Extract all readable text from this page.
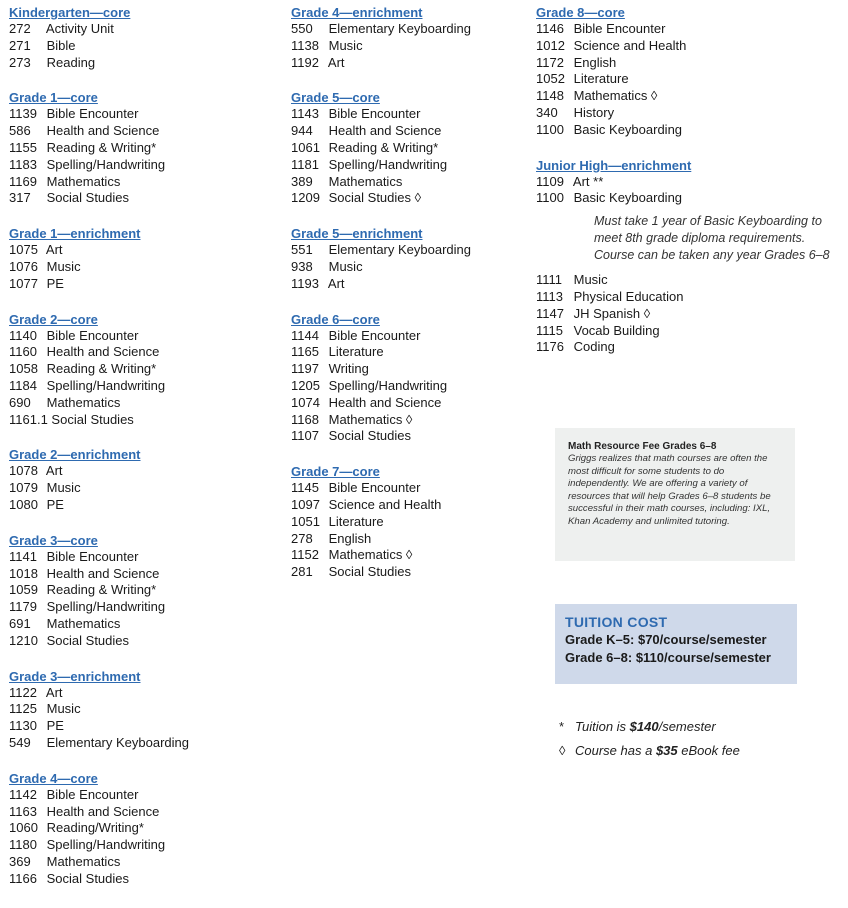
Kindergarten—core
272 Activity Unit
271 Bible
273 Reading
Grade 1—core
1139 Bible Encounter
586 Health and Science
1155 Reading & Writing*
1183 Spelling/Handwriting
1169 Mathematics
317 Social Studies
Grade 1—enrichment
1075 Art
1076 Music
1077 PE
Grade 2—core
1140 Bible Encounter
1160 Health and Science
1058 Reading & Writing*
1184 Spelling/Handwriting
690 Mathematics
1161.1 Social Studies
Grade 2—enrichment
1078 Art
1079 Music
1080 PE
Grade 3—core
1141 Bible Encounter
1018 Health and Science
1059 Reading & Writing*
1179 Spelling/Handwriting
691 Mathematics
1210 Social Studies
Grade 3—enrichment
1122 Art
1125 Music
1130 PE
549 Elementary Keyboarding
Grade 4—core
1142 Bible Encounter
1163 Health and Science
1060 Reading/Writing*
1180 Spelling/Handwriting
369 Mathematics
1166 Social Studies
Grade 4—enrichment
550 Elementary Keyboarding
1138 Music
1192 Art
Grade 5—core
1143 Bible Encounter
944 Health and Science
1061 Reading & Writing*
1181 Spelling/Handwriting
389 Mathematics
1209 Social Studies ◊
Grade 5—enrichment
551 Elementary Keyboarding
938 Music
1193 Art
Grade 6—core
1144 Bible Encounter
1165 Literature
1197 Writing
1205 Spelling/Handwriting
1074 Health and Science
1168 Mathematics ◊
1107 Social Studies
Grade 7—core
1145 Bible Encounter
1097 Science and Health
1051 Literature
278 English
1152 Mathematics ◊
281 Social Studies
Grade 8—core
1146 Bible Encounter
1012 Science and Health
1172 English
1052 Literature
1148 Mathematics ◊
340 History
1100 Basic Keyboarding
Junior High—enrichment
1109 Art **
1100 Basic Keyboarding
Must take 1 year of Basic Keyboarding to meet 8th grade diploma requirements. Course can be taken any year Grades 6–8
1111 Music
1113 Physical Education
1147 JH Spanish ◊
1115 Vocab Building
1176 Coding
Math Resource Fee Grades 6–8
Griggs realizes that math courses are often the most difficult for some students to do independently. We are offering a variety of resources that will help Grades 6–8 students be successful in their math courses, including: IXL, Khan Academy and unlimited tutoring.
TUITION COST
Grade K–5: $70/course/semester
Grade 6–8: $110/course/semester
* Tuition is $140/semester
◊ Course has a $35 eBook fee
